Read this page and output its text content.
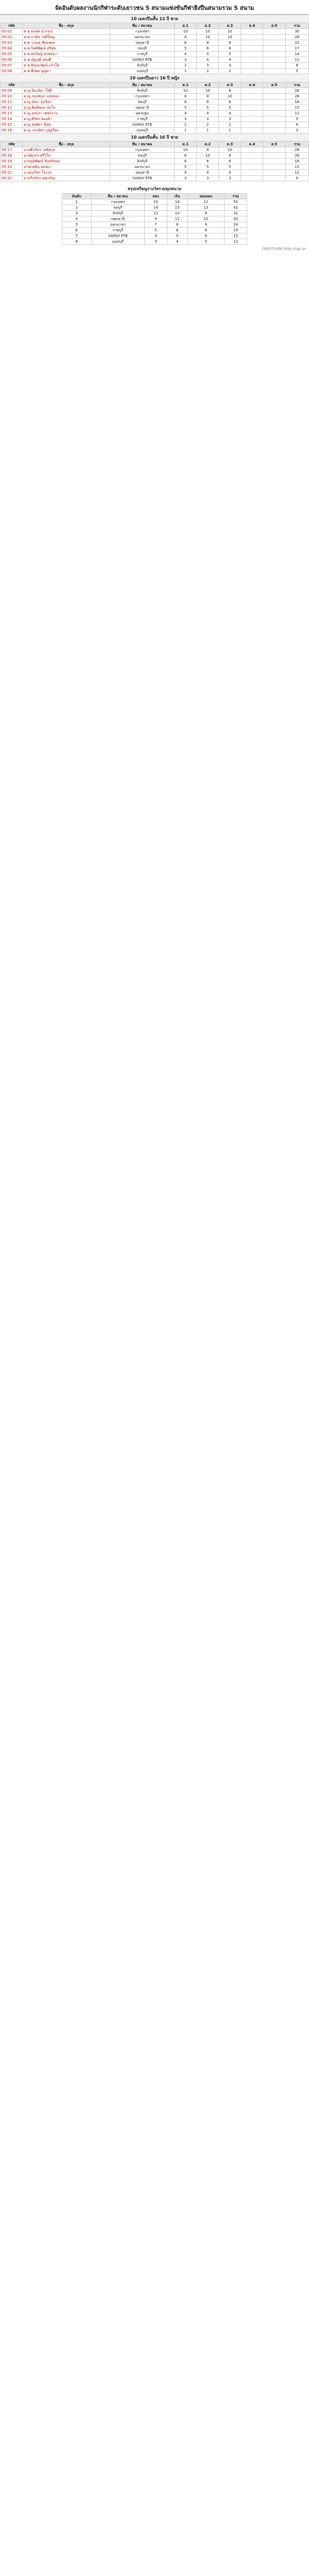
จัดอันดับผลงานนักกีฬาระดับเยาวชน 5 สนามแข่งขันกีฬายิงปืนสนามรวม 5 สนาม
10 เมตรปืนสั้น 12 ปี ชาย
รหัส	ชื่อ - สกุล	ทีม / สมาคม	ส.1	ส.2	ส.3	ส.4	ส.5	รวม
05-01	ด.ช.ธนพล สุวรรณ	กรุงเทพฯ	10	10	10			30
05-02	ด.ช.ภาคิน วงศ์ใหญ่	นครนายก	8	10	10			28
05-03	ด.ช.วรเมธ ชัยมงคล	ปทุมธานี	6	8	8			22
05-04	ด.ช.กิตติพัฒน์ ศรีสุข	ชลบุรี	5	6	6			17
05-05	ด.ช.สรวิชญ์ พรหมมา	ราชบุรี	4	5	5			14
05-06	ด.ช.ณัฐวุฒิ ทองดี	SAMUI RTB	3	4	4			11
05-07	ด.ช.ปัณณวัฒน์ แก้วใส	สิงห์บุรี	2	3	3			8
05-08	ด.ช.พีรพล บุญมา	นนทบุรี	1	2	2			5
10 เมตรปืนยาว 16 ปี หญิง
รหัส	ชื่อ - สกุล	ทีม / สมาคม	ส.1	ส.2	ส.3	ส.4	ส.5	รวม
05-09	ด.ญ.ปิยะธิดา ใจดี	สิงห์บุรี	10	10	8			28
05-10	ด.ญ.กมลชนก แสงทอง	กรุงเทพฯ	8	8	10			26
05-11	ด.ญ.ณิชา รุ่งเรือง	ชลบุรี	6	6	6			18
05-12	ด.ญ.พิมพ์ชนก สมใจ	ปทุมธานี	5	5	5			15
05-13	ด.ญ.อรนภา เพชรงาม	นครปฐม	4	4	4			12
05-14	ด.ญ.ศิริพร ทองคำ	ราชบุรี	3	3	3			9
05-15	ด.ญ.ชลธิชา มีสุข	SAMUI RTB	2	2	2			6
05-16	ด.ญ.วรรณิศา บุญเรือง	นนทบุรี	1	1	1			3
10 เมตรปืนสั้น 16 ปี ชาย
รหัส	ชื่อ - สกุล	ทีม / สมาคม	ส.1	ส.2	ส.3	ส.4	ส.5	รวม
05-17	นายธีรภัทร วงศ์สกุล	กรุงเทพฯ	10	8	10			28
05-18	นายศุภกร ศรีวิไล	ชลบุรี	8	10	8			26
05-19	นายภูมิพัฒน์ จันทร์หอม	สิงห์บุรี	6	6	6			18
05-20	นายกฤติน ทองมา	นครนายก	5	5	5			15
05-21	นายณภัทร ใจงาม	ปทุมธานี	4	4	4			12
05-22	นายวีรภัทร สุขเจริญ	SAMUI RTB	3	3	3			9
สรุปเหรียญรางวัลรวมทุกสนาม
อันดับ	ทีม / สมาคม	ทอง	เงิน	ทองแดง	รวม
1	กรุงเทพฯ	25	18	12	55
2	ชลบุรี	14	15	13	42
3	สิงห์บุรี	12	10	9	31
4	ปทุมธานี	9	11	10	30
5	นครนายก	7	8	9	24
6	ราชบุรี	5	6	8	19
7	SAMUI RTB	4	5	6	15
8	นนทบุรี	3	4	5	12
[SHOTGUN] http://sgt.sn
